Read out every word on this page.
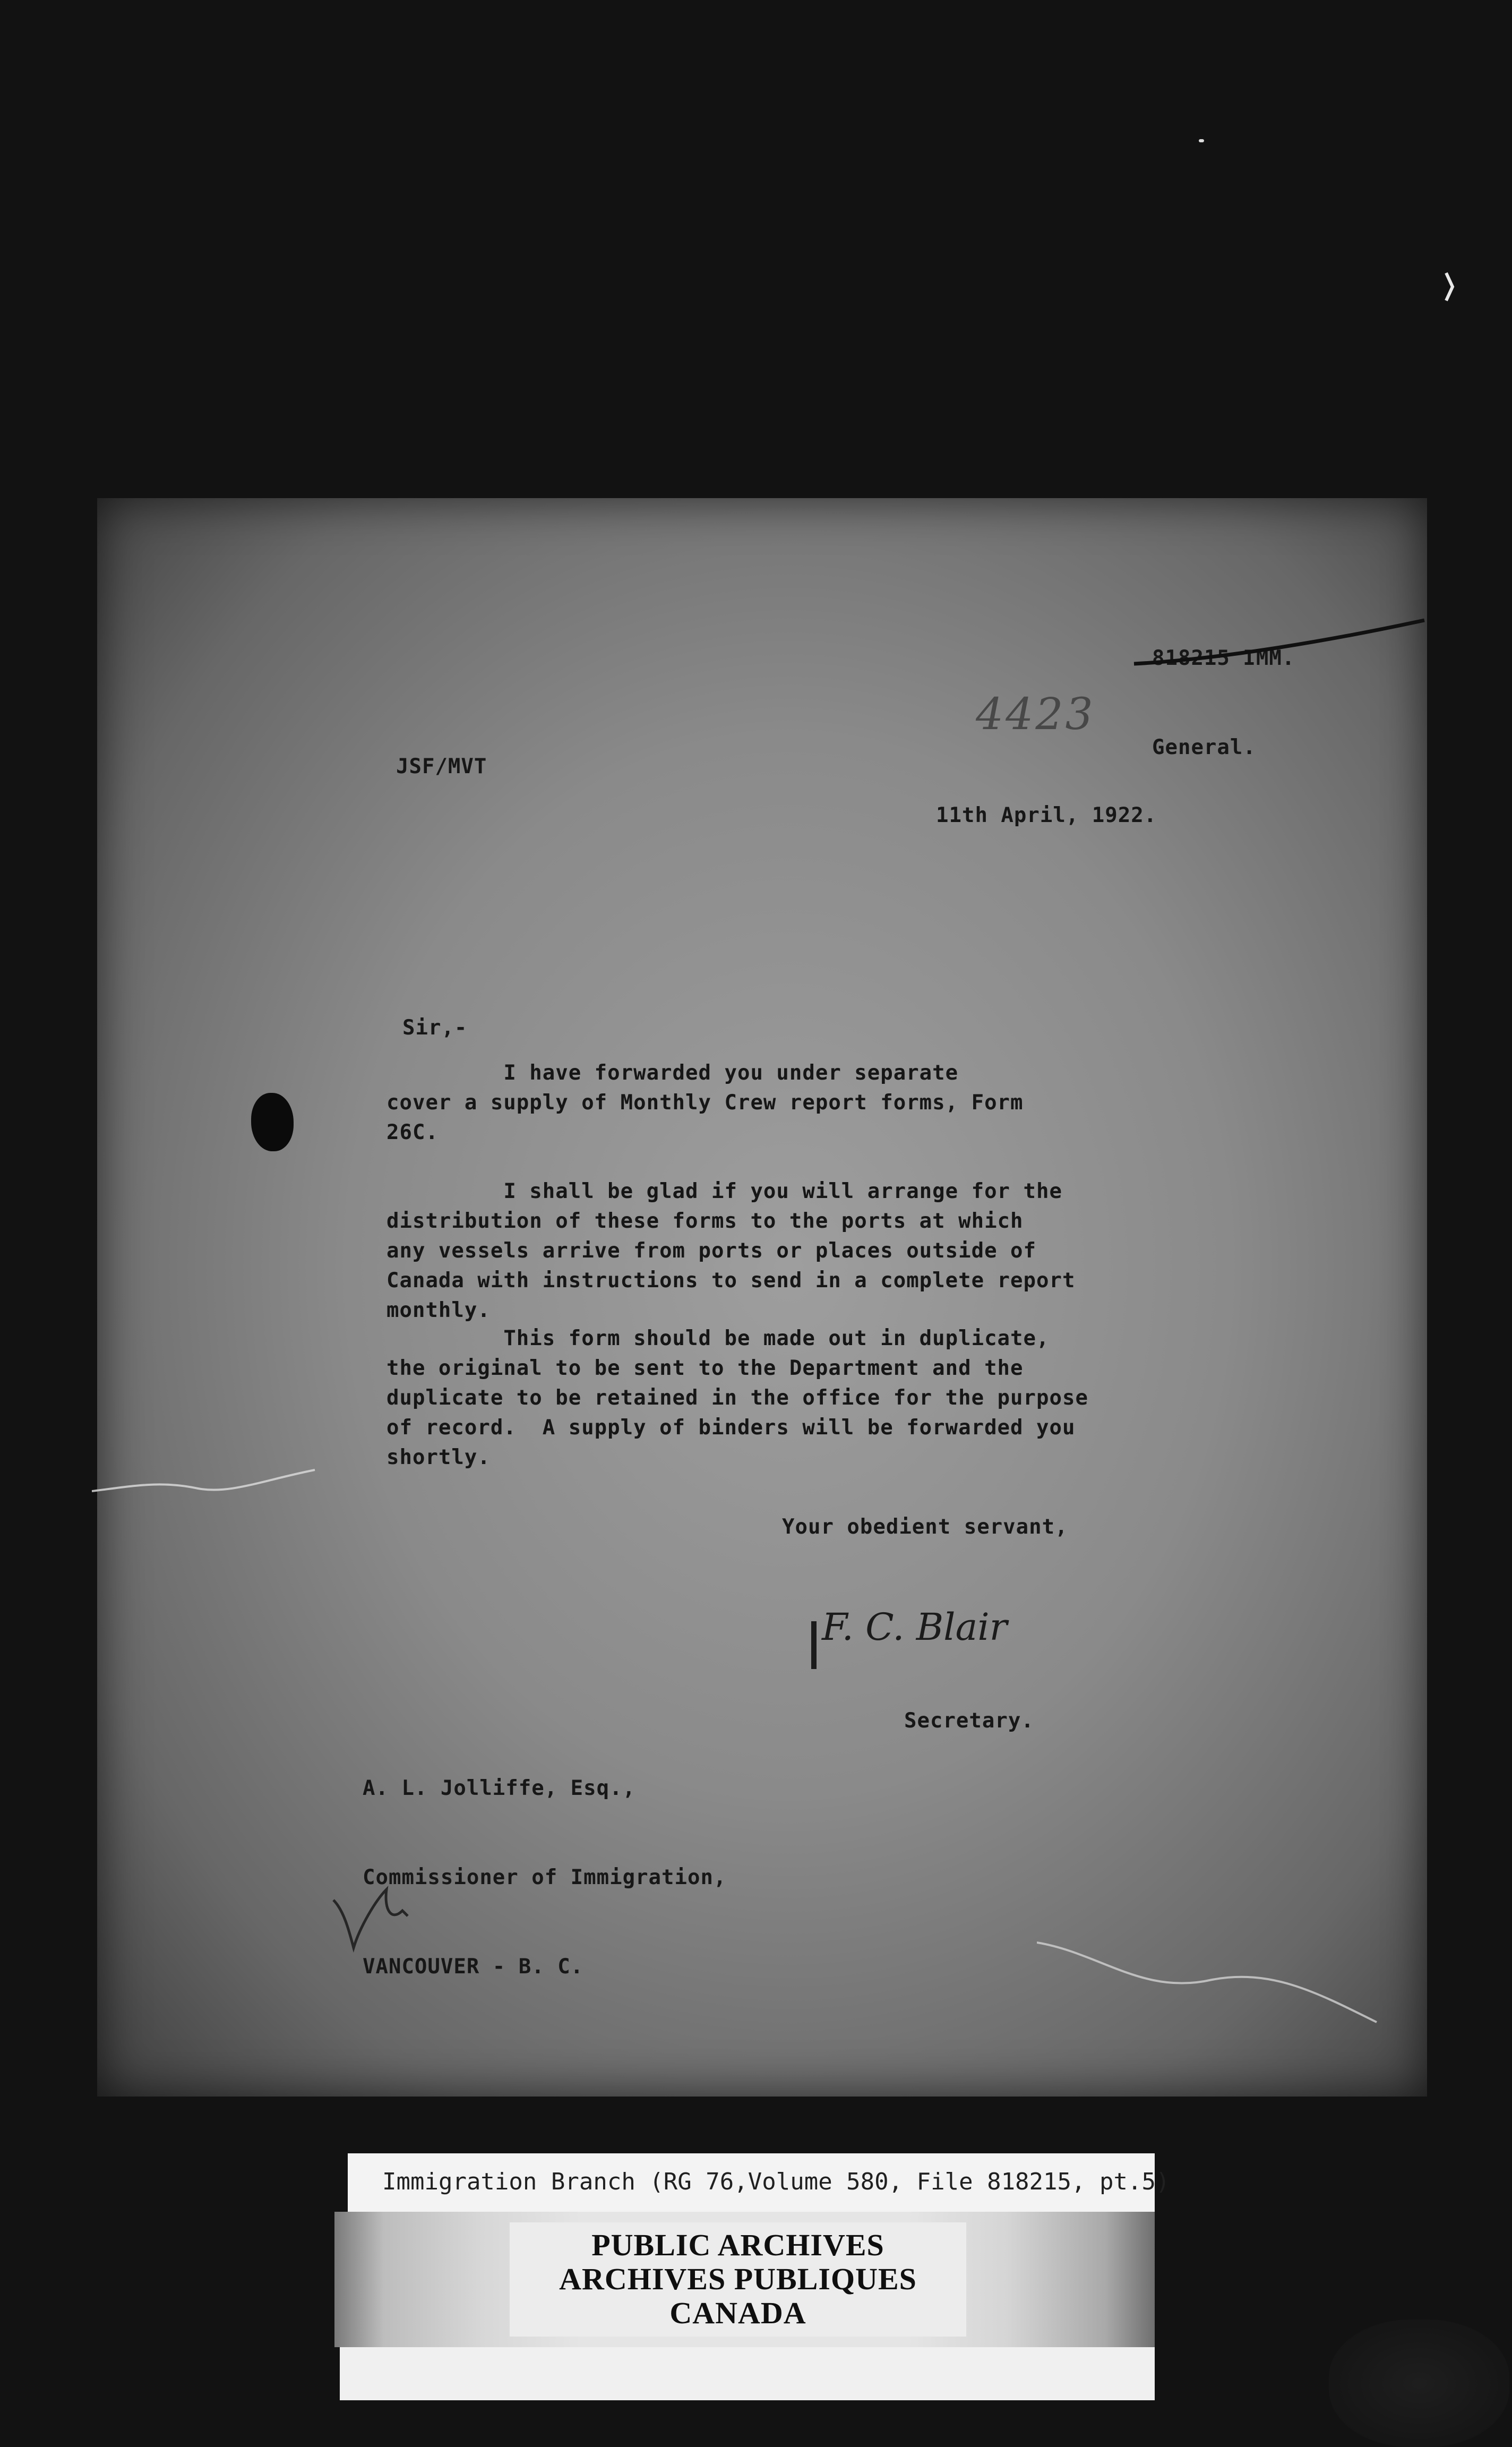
818215 IMM.

General.

4423
JSF/MVT
11th April, 1922.
Sir,-
I have forwarded you under separate
cover a supply of Monthly Crew report forms, Form
26C.
I shall be glad if you will arrange for the
distribution of these forms to the ports at which
any vessels arrive from ports or places outside of
Canada with instructions to send in a complete report
monthly.
This form should be made out in duplicate,
the original to be sent to the Department and the
duplicate to be retained in the office for the purpose
of record.  A supply of binders will be forwarded you
shortly.
Your obedient servant,
F. C. Blair
Secretary.

A. L. Jolliffe, Esq.,

Commissioner of Immigration,

VANCOUVER - B. C.

Immigration Branch (RG 76,Volume 580, File 818215, pt.5)
PUBLIC ARCHIVES
ARCHIVES PUBLIQUES
CANADA
